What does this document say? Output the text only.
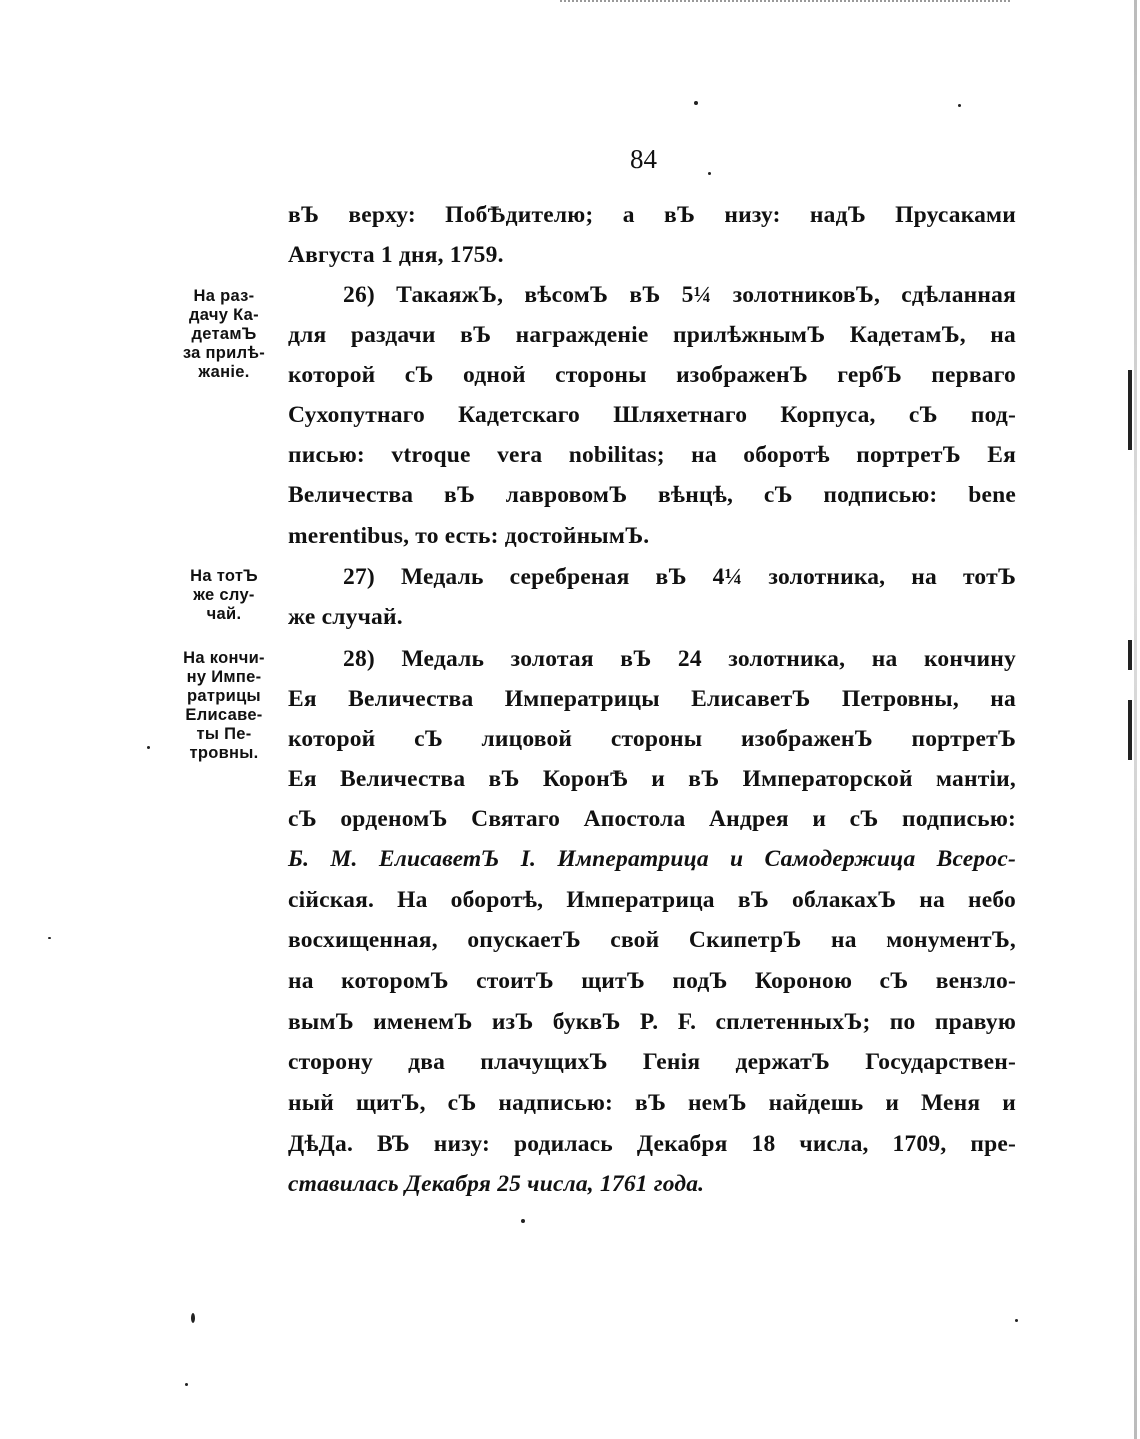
84
На раз-
дачу Ка-
детамЪ
за прилѣ-
жаніе.
На тотЪ
же слу-
чай.
На кончи-
ну Импе-
ратрицы
Елисаве-
ты Пе-
тровны.
вЪ верху: ПобѢдителю; а вЪ низу: надЪ Прусаками
Августа 1 дня, 1759.
26) ТакаяжЪ, вѣсомЪ вЪ 5¼ золотниковЪ, сдѣланная
для раздачи вЪ награжденіе прилѣжнымЪ КадетамЪ, на
которой сЪ одной стороны изображенЪ гербЪ перваго
Сухопутнаго Кадетскаго Шляхетнаго Корпуса, сЪ под-
писью: vtroque vera nobilitas; на оборотѣ портретЪ Ея
Величества вЪ лавровомЪ вѣнцѣ, сЪ подписью: bene
merentibus, то есть: достойнымЪ.
27) Медаль серебреная вЪ 4¼ золотника, на тотЪ
же случай.
28) Медаль золотая вЪ 24 золотника, на кончину
Ея Величества Императрицы ЕлисаветЪ Петровны, на
которой сЪ лицовой стороны изображенЪ портретЪ
Ея Величества вЪ КоронѢ и вЪ Императорской мантіи,
сЪ орденомЪ Святаго Апостола Андрея и сЪ подписью:
Б. М. ЕлисаветЪ I. Императрица и Самодержица Всерос-
сійская. На оборотѣ, Императрица вЪ облакахЪ на небо
восхищенная, опускаетЪ свой СкипетрЪ на монументЪ,
на которомЪ стоитЪ щитЪ подЪ Короною сЪ вензло-
вымЪ именемЪ изЪ буквЪ P. F. сплетенныхЪ; по правую
сторону два плачущихЪ Генія держатЪ Государствен-
ный щитЪ, сЪ надписью: вЪ немЪ найдешь и Меня и
ДѣДа. ВЪ низу: родилась Декабря 18 числа, 1709, пре-
ставилась Декабря 25 числа, 1761 года.
